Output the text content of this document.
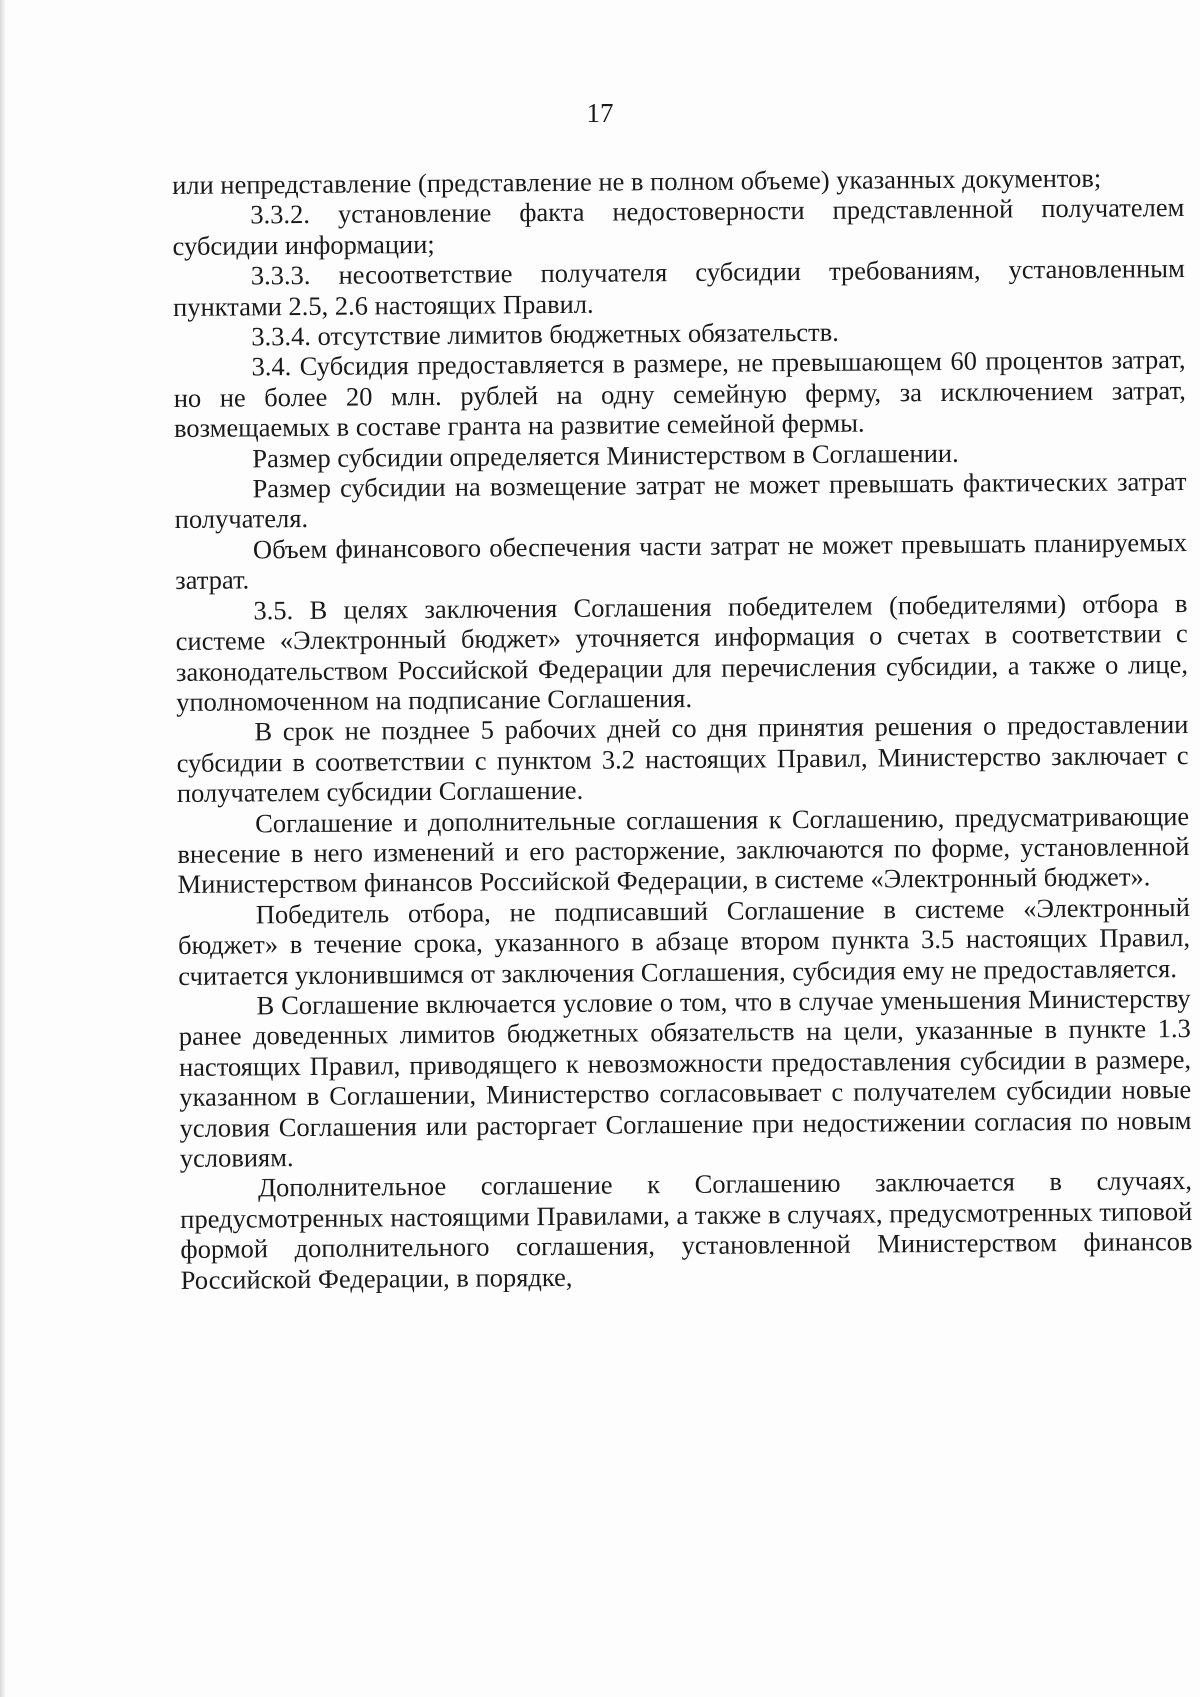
17

или непредставление (представление не в полном объеме) указанных документов;

3.3.2. установление факта недостоверности представленной получателем субсидии информации;

3.3.3. несоответствие получателя субсидии требованиям, установленным пунктами 2.5, 2.6 настоящих Правил.

3.3.4. отсутствие лимитов бюджетных обязательств.

3.4. Субсидия предоставляется в размере, не превышающем 60 процентов затрат, но не более 20 млн. рублей на одну семейную ферму, за исключением затрат, возмещаемых в составе гранта на развитие семейной фермы.

Размер субсидии определяется Министерством в Соглашении.

Размер субсидии на возмещение затрат не может превышать фактических затрат получателя.

Объем финансового обеспечения части затрат не может превышать планируемых затрат.

3.5. В целях заключения Соглашения победителем (победителями) отбора в системе «Электронный бюджет» уточняется информация о счетах в соответствии с законодательством Российской Федерации для перечисления субсидии, а также о лице, уполномоченном на подписание Соглашения.

В срок не позднее 5 рабочих дней со дня принятия решения о предоставлении субсидии в соответствии с пунктом 3.2 настоящих Правил, Министерство заключает с получателем субсидии Соглашение.

Соглашение и дополнительные соглашения к Соглашению, предусматривающие внесение в него изменений и его расторжение, заключаются по форме, установленной Министерством финансов Российской Федерации, в системе «Электронный бюджет».

Победитель отбора, не подписавший Соглашение в системе «Электронный бюджет» в течение срока, указанного в абзаце втором пункта 3.5 настоящих Правил, считается уклонившимся от заключения Соглашения, субсидия ему не предоставляется.

В Соглашение включается условие о том, что в случае уменьшения Министерству ранее доведенных лимитов бюджетных обязательств на цели, указанные в пункте 1.3 настоящих Правил, приводящего к невозможности предоставления субсидии в размере, указанном в Соглашении, Министерство согласовывает с получателем субсидии новые условия Соглашения или расторгает Соглашение при недостижении согласия по новым условиям.

Дополнительное соглашение к Соглашению заключается в случаях, предусмотренных настоящими Правилами, а также в случаях, предусмотренных типовой формой дополнительного соглашения, установленной Министерством финансов Российской Федерации, в порядке,
